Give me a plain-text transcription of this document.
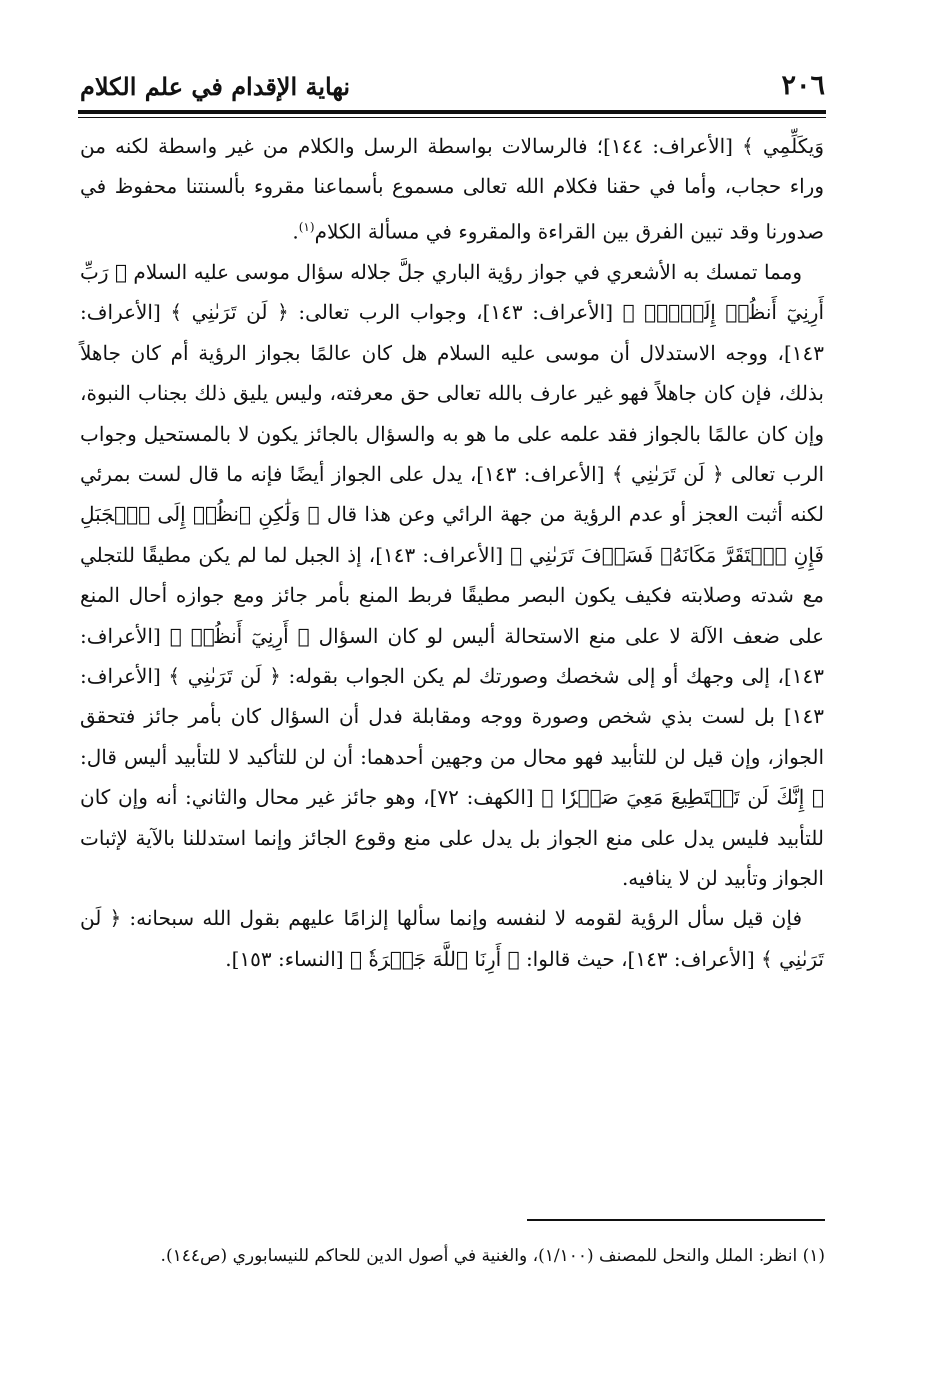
٢٠٦
نهاية الإقدام في علم الكلام

وَيكَلِّمِي ﴾ [الأعراف: ١٤٤]؛ فالرسالات بواسطة الرسل والكلام من غير واسطة لكنه من وراء حجاب، وأما في حقنا فكلام الله تعالى مسموع بأسماعنا مقروء بألسنتنا محفوظ في صدورنا وقد تبين الفرق بين القراءة والمقروء في مسألة الكلام$^{(١)}$.

ومما تمسك به الأشعري في جواز رؤية الباري جلَّ جلاله سؤال موسى عليه السلام ﴿ رَبِّ أَرِنِيٓ أَنظُرۡ إِلَيۡكَۚ ﴾ [الأعراف: ١٤٣]، وجواب الرب تعالى: ﴿ لَن تَرَىٰنِي ﴾ [الأعراف: ١٤٣]، ووجه الاستدلال أن موسى عليه السلام هل كان عالمًا بجواز الرؤية أم كان جاهلاً بذلك، فإن كان جاهلاً فهو غير عارف بالله تعالى حق معرفته، وليس يليق ذلك بجناب النبوة، وإن كان عالمًا بالجواز فقد علمه على ما هو به والسؤال بالجائز يكون لا بالمستحيل وجواب الرب تعالى ﴿ لَن تَرَىٰنِي ﴾ [الأعراف: ١٤٣]، يدل على الجواز أيضًا فإنه ما قال لست بمرئي لكنه أثبت العجز أو عدم الرؤية من جهة الرائي وعن هذا قال ﴿ وَلَٰكِنِ ٱنظُرۡ إِلَى ٱلۡجَبَلِ فَإِنِ ٱسۡتَقَرَّ مَكَانَهُۥ فَسَوۡفَ تَرَىٰنِي ﴾ [الأعراف: ١٤٣]، إذ الجبل لما لم يكن مطيقًا للتجلي مع شدته وصلابته فكيف يكون البصر مطيقًا فربط المنع بأمر جائز ومع جوازه أحال المنع على ضعف الآلة لا على منع الاستحالة أليس لو كان السؤال ﴿ أَرِنِيٓ أَنظُرۡ ﴾ [الأعراف: ١٤٣]، إلى وجهك أو إلى شخصك وصورتك لم يكن الجواب بقوله: ﴿ لَن تَرَىٰنِي ﴾ [الأعراف: ١٤٣] بل لست بذي شخص وصورة ووجه ومقابلة فدل أن السؤال كان بأمر جائز فتحقق الجواز، وإن قيل لن للتأبيد فهو محال من وجهين أحدهما: أن لن للتأكيد لا للتأبيد أليس قال: ﴿ إِنَّكَ لَن تَسۡتَطِيعَ مَعِيَ صَبۡرٗا ﴾ [الكهف: ٧٢]، وهو جائز غير محال والثاني: أنه وإن كان للتأبيد فليس يدل على منع الجواز بل يدل على منع وقوع الجائز وإنما استدللنا بالآية لإثبات الجواز وتأبيد لن لا ينافيه.

فإن قيل سأل الرؤية لقومه لا لنفسه وإنما سألها إلزامًا عليهم بقول الله سبحانه: ﴿ لَن تَرَىٰنِي ﴾ [الأعراف: ١٤٣]، حيث قالوا: ﴿ أَرِنَا ٱللَّهَ جَهۡرَةٗ ﴾ [النساء: ١٥٣].

(١) انظر: الملل والنحل للمصنف (١/١٠٠)، والغنية في أصول الدين للحاكم للنيسابوري (ص١٤٤).
